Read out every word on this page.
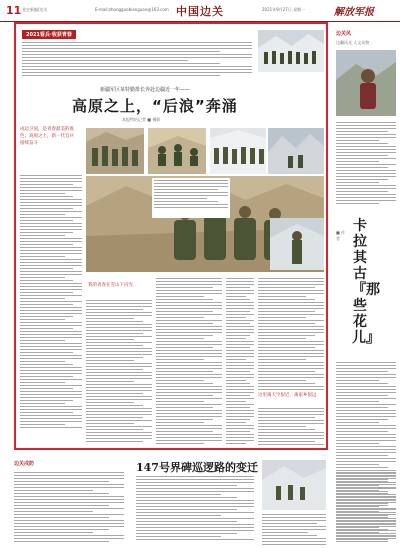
11 党史新编/边关	E-mail:zhongguobianguan@163.com 中国边关	2021年9月27日 星期一	解放军报
2021看兵·收获青春
新疆军区某特勤排长奔赴边疆近一年——
高原之上，“后浪”奔涌
本报特约记者 ■ 摄影
戍边卫国，是青春最美的底色；高原之上，新一代官兵接续奋斗
我的青春在雪山下闪光
这里离天空很近，离家乡很远
边关风
边疆风光 人文风物
卡拉其古『那些花儿』
■ 作者
边关戍防	147号界碑巡逻路的变迁
